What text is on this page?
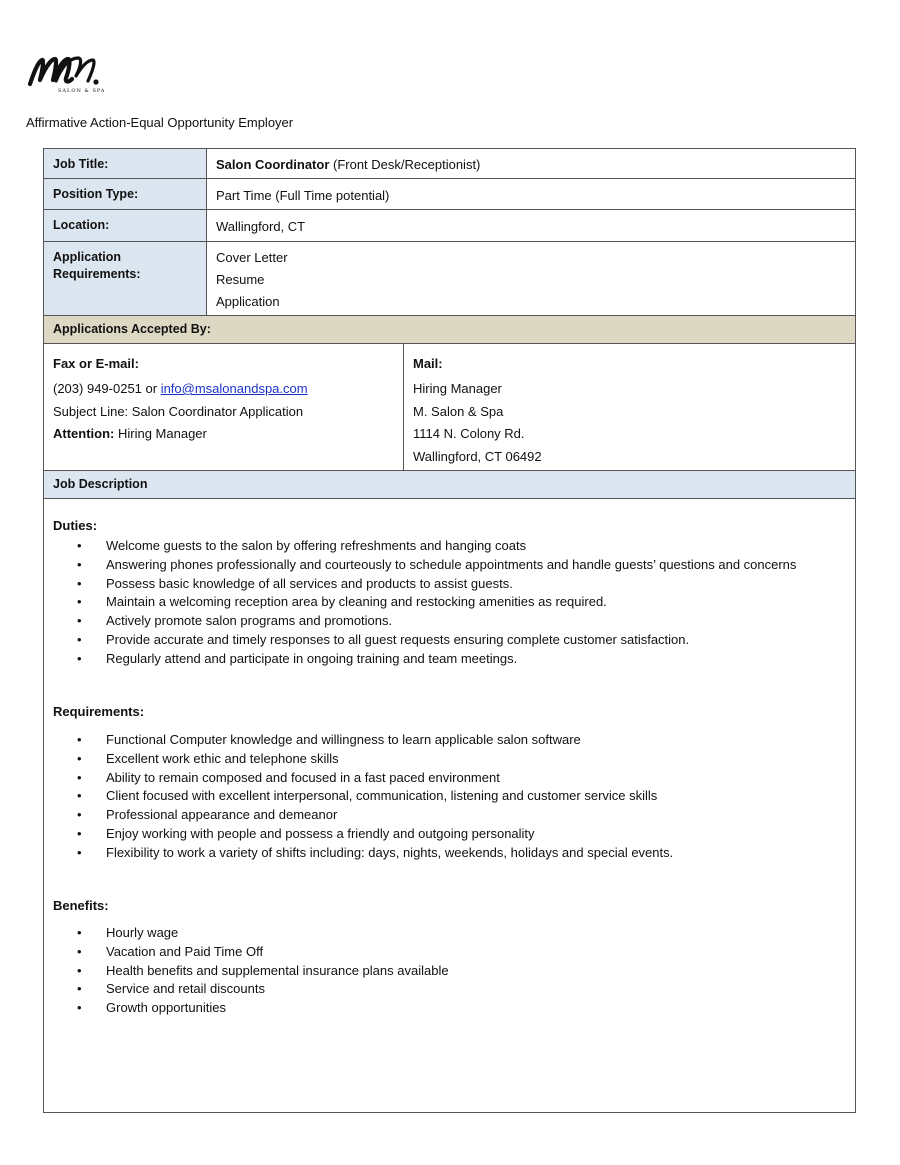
SALON & SPA
Affirmative Action-Equal Opportunity Employer
Job Title:	Salon Coordinator (Front Desk/Receptionist)
Position Type:	Part Time (Full Time potential)
Location:	Wallingford, CT
Application Requirements:
Cover Letter
Resume
Application
Applications Accepted By:
Fax or E-mail:
(203) 949-0251 or info@msalonandspa.com
Subject Line: Salon Coordinator Application
Attention: Hiring Manager
Mail:
Hiring Manager
M. Salon & Spa
1114 N. Colony Rd.
Wallingford, CT 06492
Job Description
Duties:
• Welcome guests to the salon by offering refreshments and hanging coats
• Answering phones professionally and courteously to schedule appointments and handle guests’ questions and concerns
• Possess basic knowledge of all services and products to assist guests.
• Maintain a welcoming reception area by cleaning and restocking amenities as required.
• Actively promote salon programs and promotions.
• Provide accurate and timely responses to all guest requests ensuring complete customer satisfaction.
• Regularly attend and participate in ongoing training and team meetings.
Requirements:
• Functional Computer knowledge and willingness to learn applicable salon software
• Excellent work ethic and telephone skills
• Ability to remain composed and focused in a fast paced environment
• Client focused with excellent interpersonal, communication, listening and customer service skills
• Professional appearance and demeanor
• Enjoy working with people and possess a friendly and outgoing personality
• Flexibility to work a variety of shifts including: days, nights, weekends, holidays and special events.
Benefits:
• Hourly wage
• Vacation and Paid Time Off
• Health benefits and supplemental insurance plans available
• Service and retail discounts
• Growth opportunities
